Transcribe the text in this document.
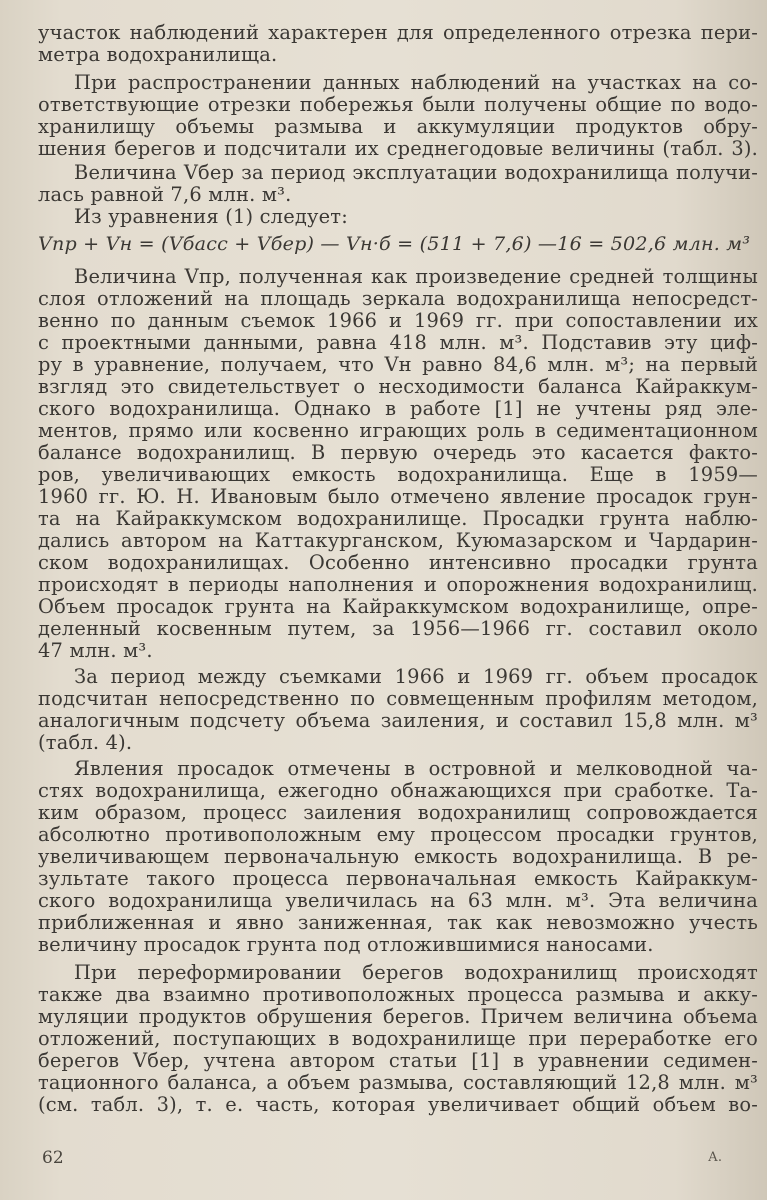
участок наблюдений характерен для определенного отрезка пери-
метра водохранилища.
При распространении данных наблюдений на участках на со-
ответствующие отрезки побережья были получены общие по водо-
хранилищу объемы размыва и аккумуляции продуктов обру-
шения берегов и подсчитали их среднегодовые величины (табл. 3).
Величина Vбер за период эксплуатации водохранилища получи-
лась равной 7,6 млн. м³.
Из уравнения (1) следует:
Vпр + Vн = (Vбасс + Vбер) — Vн·б = (511 + 7,6) —16 = 502,6 млн. м³
Величина Vпр, полученная как произведение средней толщины
слоя отложений на площадь зеркала водохранилища непосредст-
венно по данным съемок 1966 и 1969 гг. при сопоставлении их
с проектными данными, равна 418 млн. м³. Подставив эту циф-
ру в уравнение, получаем, что Vн равно 84,6 млн. м³; на первый
взгляд это свидетельствует о несходимости баланса Кайраккум-
ского водохранилища. Однако в работе [1] не учтены ряд эле-
ментов, прямо или косвенно играющих роль в седиментационном
балансе водохранилищ. В первую очередь это касается факто-
ров, увеличивающих емкость водохранилища. Еще в 1959—
1960 гг. Ю. Н. Ивановым было отмечено явление просадок грун-
та на Кайраккумском водохранилище. Просадки грунта наблю-
дались автором на Каттакурганском, Куюмазарском и Чардарин-
ском водохранилищах. Особенно интенсивно просадки грунта
происходят в периоды наполнения и опорожнения водохранилищ.
Объем просадок грунта на Кайраккумском водохранилище, опре-
деленный косвенным путем, за 1956—1966 гг. составил около
47 млн. м³.
За период между съемками 1966 и 1969 гг. объем просадок
подсчитан непосредственно по совмещенным профилям методом,
аналогичным подсчету объема заиления, и составил 15,8 млн. м³
(табл. 4).
Явления просадок отмечены в островной и мелководной ча-
стях водохранилища, ежегодно обнажающихся при сработке. Та-
ким образом, процесс заиления водохранилищ сопровождается
абсолютно противоположным ему процессом просадки грунтов,
увеличивающем первоначальную емкость водохранилища. В ре-
зультате такого процесса первоначальная емкость Кайраккум-
ского водохранилища увеличилась на 63 млн. м³. Эта величина
приближенная и явно заниженная, так как невозможно учесть
величину просадок грунта под отложившимися наносами.
При переформировании берегов водохранилищ происходят
также два взаимно противоположных процесса размыва и акку-
муляции продуктов обрушения берегов. Причем величина объема
отложений, поступающих в водохранилище при переработке его
берегов Vбер, учтена автором статьи [1] в уравнении седимен-
тационного баланса, а объем размыва, составляющий 12,8 млн. м³
(см. табл. 3), т. е. часть, которая увеличивает общий объем во-
62	А.
